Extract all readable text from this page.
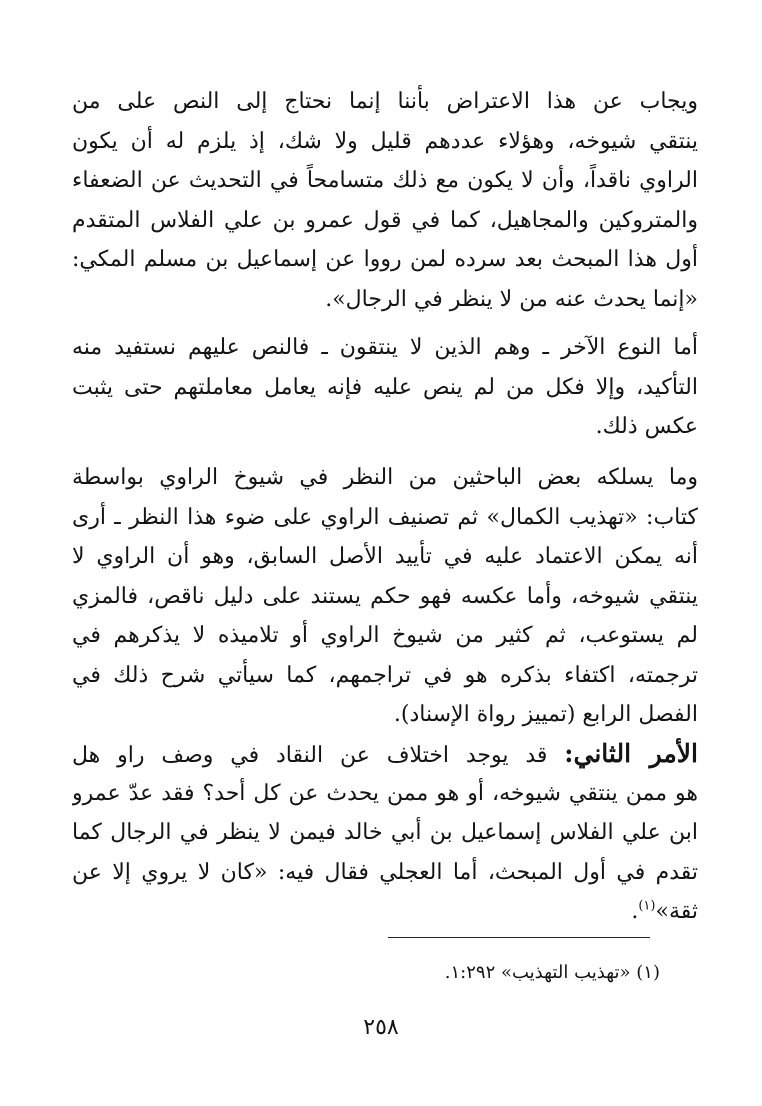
ويجاب عن هذا الاعتراض بأننا إنما نحتاج إلى النص على من
ينتقي شيوخه، وهؤلاء عددهم قليل ولا شك، إذ يلزم له أن يكون
الراوي ناقداً، وأن لا يكون مع ذلك متسامحاً في التحديث عن الضعفاء
والمتروكين والمجاهيل، كما في قول عمرو بن علي الفلاس المتقدم
أول هذا المبحث بعد سرده لمن رووا عن إسماعيل بن مسلم المكي:
«إنما يحدث عنه من لا ينظر في الرجال».
أما النوع الآخر ـ وهم الذين لا ينتقون ـ فالنص عليهم نستفيد منه
التأكيد، وإلا فكل من لم ينص عليه فإنه يعامل معاملتهم حتى يثبت
عكس ذلك.
وما يسلكه بعض الباحثين من النظر في شيوخ الراوي بواسطة
كتاب: «تهذيب الكمال» ثم تصنيف الراوي على ضوء هذا النظر ـ أرى
أنه يمكن الاعتماد عليه في تأييد الأصل السابق، وهو أن الراوي لا
ينتقي شيوخه، وأما عكسه فهو حكم يستند على دليل ناقص، فالمزي
لم يستوعب، ثم كثير من شيوخ الراوي أو تلاميذه لا يذكرهم في
ترجمته، اكتفاء بذكره هو في تراجمهم، كما سيأتي شرح ذلك في
الفصل الرابع (تمييز رواة الإسناد).
الأمر الثاني: قد يوجد اختلاف عن النقاد في وصف راو هل
هو ممن ينتقي شيوخه، أو هو ممن يحدث عن كل أحد؟ فقد عدّ عمرو
ابن علي الفلاس إسماعيل بن أبي خالد فيمن لا ينظر في الرجال كما
تقدم في أول المبحث، أما العجلي فقال فيه: «كان لا يروي إلا عن
ثقة»$^{(١)}$.
(١) «تهذيب التهذيب» ١:٢٩٢.
٢٥٨
